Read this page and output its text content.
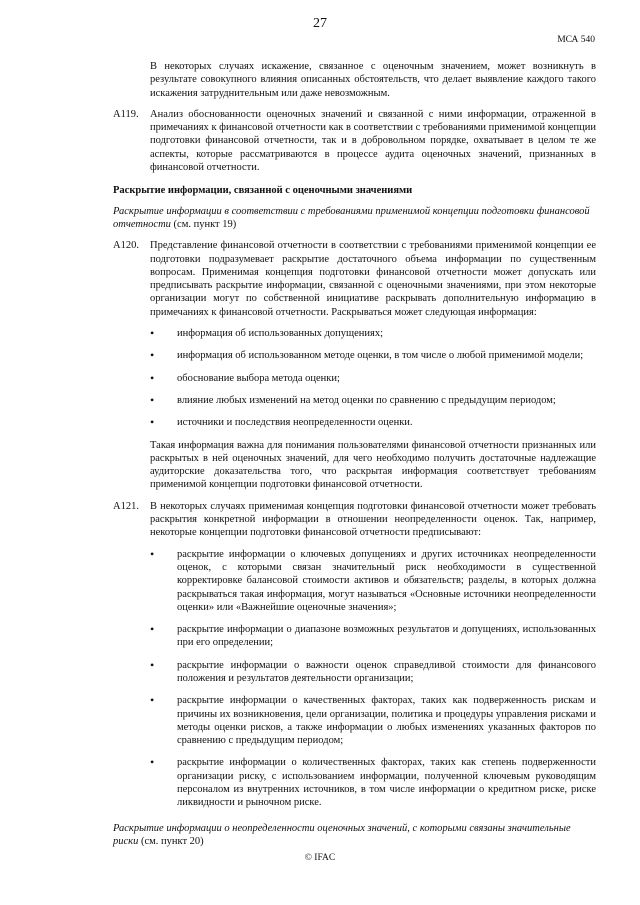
27
МСА 540

В некоторых случаях искажение, связанное с оценочным значением, может возникнуть в результате совокупного влияния описанных обстоятельств, что делает выявление каждого такого искажения затруднительным или даже невозможным.

A119. Анализ обоснованности оценочных значений и связанной с ними информации, отраженной в примечаниях к финансовой отчетности как в соответствии с требованиями применимой концепции подготовки финансовой отчетности, так и в добровольном порядке, охватывает в целом те же аспекты, которые рассматриваются в процессе аудита оценочных значений, признанных в финансовой отчетности.
Раскрытие информации, связанной с оценочными значениями
Раскрытие информации в соответствии с требованиями применимой концепции подготовки финансовой отчетности (см. пункт 19)
A120. Представление финансовой отчетности в соответствии с требованиями применимой концепции ее подготовки подразумевает раскрытие достаточного объема информации по существенным вопросам. Применимая концепция подготовки финансовой отчетности может допускать или предписывать раскрытие информации, связанной с оценочными значениями, при этом некоторые организации могут по собственной инициативе раскрывать дополнительную информацию в примечаниях к финансовой отчетности. Раскрываться может следующая информация:
• информация об использованных допущениях;
• информация об использованном методе оценки, в том числе о любой применимой модели;
• обоснование выбора метода оценки;
• влияние любых изменений на метод оценки по сравнению с предыдущим периодом;
• источники и последствия неопределенности оценки.

Такая информация важна для понимания пользователями финансовой отчетности признанных или раскрытых в ней оценочных значений, для чего необходимо получить достаточные надлежащие аудиторские доказательства того, что раскрытая информация соответствует требованиям применимой концепции подготовки финансовой отчетности.

A121. В некоторых случаях применимая концепция подготовки финансовой отчетности может требовать раскрытия конкретной информации в отношении неопределенности оценок. Так, например, некоторые концепции подготовки финансовой отчетности предписывают:
• раскрытие информации о ключевых допущениях и других источниках неопределенности оценок, с которыми связан значительный риск необходимости в существенной корректировке балансовой стоимости активов и обязательств; разделы, в которых должна раскрываться такая информация, могут называться «Основные источники неопределенности оценки» или «Важнейшие оценочные значения»;
• раскрытие информации о диапазоне возможных результатов и допущениях, использованных при его определении;
• раскрытие информации о важности оценок справедливой стоимости для финансового положения и результатов деятельности организации;
• раскрытие информации о качественных факторах, таких как подверженность рискам и причины их возникновения, цели организации, политика и процедуры управления рисками и методы оценки рисков, а также информации о любых изменениях указанных факторов по сравнению с предыдущим периодом;
• раскрытие информации о количественных факторах, таких как степень подверженности организации риску, с использованием информации, полученной ключевым руководящим персоналом из внутренних источников, в том числе информации о кредитном риске, риске ликвидности и рыночном риске.
Раскрытие информации о неопределенности оценочных значений, с которыми связаны значительные риски (см. пункт 20)
© IFAC
